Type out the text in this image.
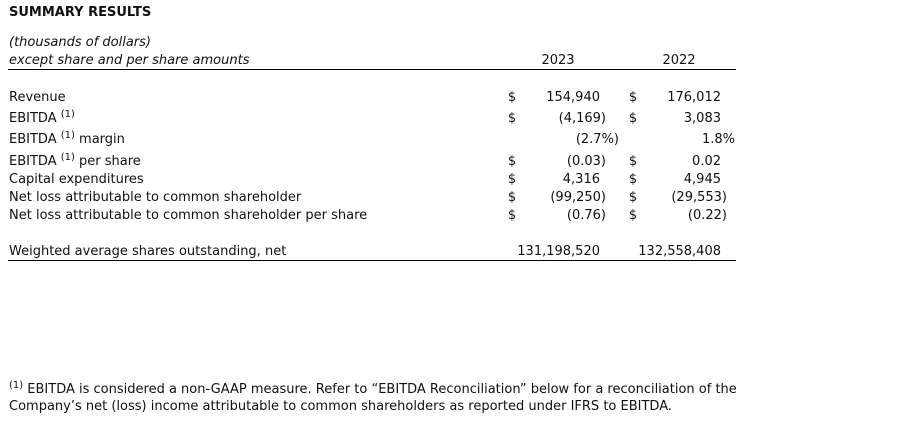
SUMMARY RESULTS
(thousands of dollars)
except share and per share amounts	2023	2022
Revenue	$ 154,940 $ 176,012
EBITDA $^{(1)}$	$	(4,169) $	3,083
EBITDA $^{(1)}$ margin	(2.7%)	1.8%
EBITDA $^{(1)}$ per share	$	(0.03) $	0.02
Capital expenditures	$	4,316 $	4,945
Net loss attributable to common shareholder	$	(99,250) $	(29,553)
Net loss attributable to common shareholder per share	$	(0.76) $	(0.22)
Weighted average shares outstanding, net	131,198,520	132,558,408
$^{(1)}$ EBITDA is considered a non-GAAP measure. Refer to “EBITDA Reconciliation” below for a reconciliation of the Company’s net (loss) income attributable to common shareholders as reported under IFRS to EBITDA.
